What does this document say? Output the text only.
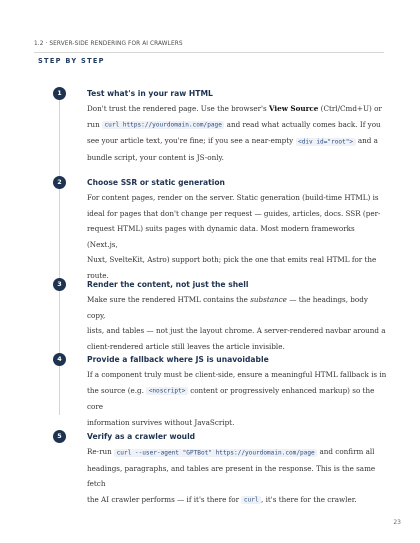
1.2 · SERVER-SIDE RENDERING FOR AI CRAWLERS
STEP BY STEP
1	Test what's in your raw HTML
Don't trust the rendered page. Use the browser's View Source (Ctrl/Cmd+U) or
run curl https://yourdomain.com/page and read what actually comes back. If you
see your article text, you're fine; if you see a near-empty <div id="root"> and a
bundle script, your content is JS-only.
2	Choose SSR or static generation
For content pages, render on the server. Static generation (build-time HTML) is
ideal for pages that don't change per request — guides, articles, docs. SSR (per-
request HTML) suits pages with dynamic data. Most modern frameworks (Next.js,
Nuxt, SvelteKit, Astro) support both; pick the one that emits real HTML for the
route.
3	Render the content, not just the shell
Make sure the rendered HTML contains the substance — the headings, body copy,
lists, and tables — not just the layout chrome. A server-rendered navbar around a
client-rendered article still leaves the article invisible.
4	Provide a fallback where JS is unavoidable
If a component truly must be client-side, ensure a meaningful HTML fallback is in
the source (e.g. <noscript> content or progressively enhanced markup) so the core
information survives without JavaScript.
5	Verify as a crawler would
Re-run curl --user-agent "GPTBot" https://yourdomain.com/page and confirm all
headings, paragraphs, and tables are present in the response. This is the same fetch
the AI crawler performs — if it's there for curl , it's there for the crawler.
23
